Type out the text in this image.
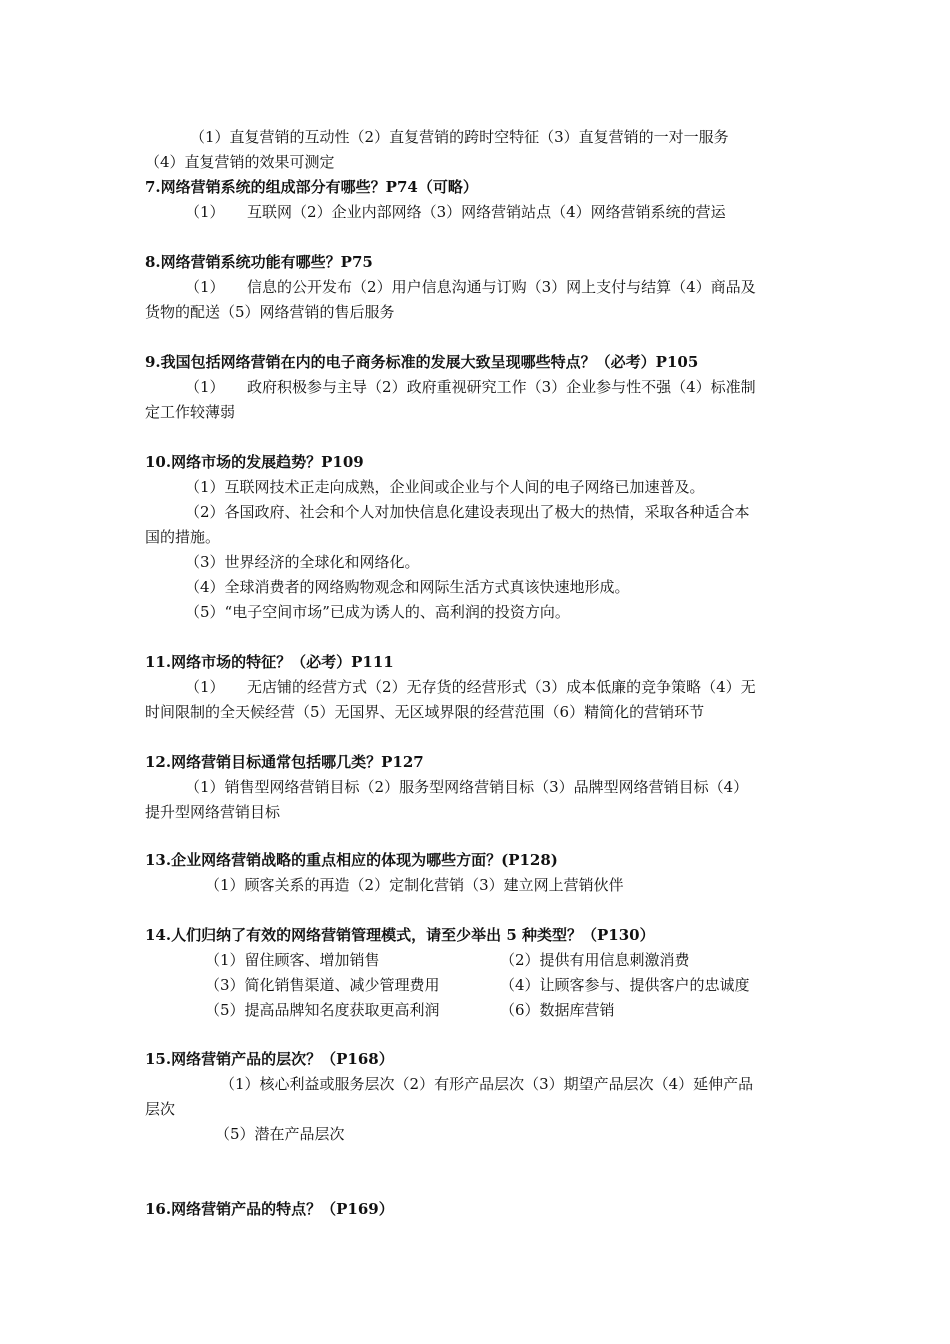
（1）直复营销的互动性（2）直复营销的跨时空特征（3）直复营销的一对一服务
（4）直复营销的效果可测定
7.网络营销系统的组成部分有哪些？P74（可略）
（1）　　互联网（2）企业内部网络（3）网络营销站点（4）网络营销系统的营运
8.网络营销系统功能有哪些？P75
（1）　　信息的公开发布（2）用户信息沟通与订购（3）网上支付与结算（4）商品及
货物的配送（5）网络营销的售后服务
9.我国包括网络营销在内的电子商务标准的发展大致呈现哪些特点？（必考）P105
（1）　　政府积极参与主导（2）政府重视研究工作（3）企业参与性不强（4）标准制
定工作较薄弱
10.网络市场的发展趋势？P109
（1）互联网技术正走向成熟，企业间或企业与个人间的电子网络已加速普及。
（2）各国政府、社会和个人对加快信息化建设表现出了极大的热情，采取各种适合本
国的措施。
（3）世界经济的全球化和网络化。
（4）全球消费者的网络购物观念和网际生活方式真该快速地形成。
（5）“电子空间市场”已成为诱人的、高利润的投资方向。
11.网络市场的特征？（必考）P111
（1）　　无店铺的经营方式（2）无存货的经营形式（3）成本低廉的竞争策略（4）无
时间限制的全天候经营（5）无国界、无区域界限的经营范围（6）精简化的营销环节
12.网络营销目标通常包括哪几类？P127
（1）销售型网络营销目标（2）服务型网络营销目标（3）品牌型网络营销目标（4）
提升型网络营销目标
13.企业网络营销战略的重点相应的体现为哪些方面？(P128)
（1）顾客关系的再造（2）定制化营销（3）建立网上营销伙伴
14.人们归纳了有效的网络营销管理模式，请至少举出 5 种类型？（P130）
（1）留住顾客、增加销售	（2）提供有用信息刺激消费
（3）简化销售渠道、减少管理费用	（4）让顾客参与、提供客户的忠诚度
（5）提高品牌知名度获取更高利润	（6）数据库营销
15.网络营销产品的层次？（P168）
（1）核心利益或服务层次（2）有形产品层次（3）期望产品层次（4）延伸产品
层次
（5）潜在产品层次
16.网络营销产品的特点？（P169）
